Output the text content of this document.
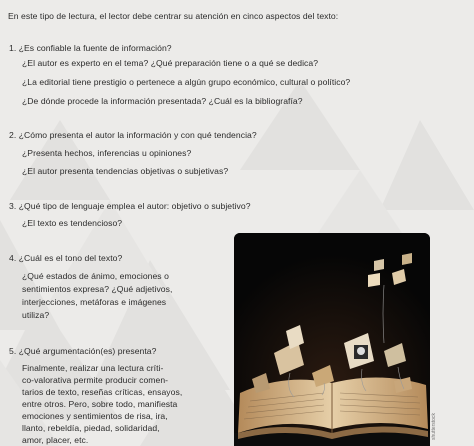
En este tipo de lectura, el lector debe centrar su atención en cinco aspectos del texto:
1. ¿Es confiable la fuente de información?
¿El autor es experto en el tema? ¿Qué preparación tiene o a qué se dedica?
¿La editorial tiene prestigio o pertenece a algún grupo económico, cultural o político?
¿De dónde procede la información presentada? ¿Cuál es la bibliografía?
2. ¿Cómo presenta el autor la información y con qué tendencia?
¿Presenta hechos, inferencias u opiniones?
¿El autor presenta tendencias objetivas o subjetivas?
3. ¿Qué tipo de lenguaje emplea el autor: objetivo o subjetivo?
¿El texto es tendencioso?
4. ¿Cuál es el tono del texto?
¿Qué estados de ánimo, emociones o
sentimientos expresa? ¿Qué adjetivos,
interjecciones, metáforas e imágenes
utiliza?
5. ¿Qué argumentación(es) presenta?
Finalmente, realizar una lectura críti-
co-valorativa permite producir comen-
tarios de texto, reseñas críticas, ensayos,
entre otros. Pero, sobre todo, manifiesta
emociones y sentimientos de risa, ira,
llanto, rebeldía, piedad, solidaridad,
amor, placer, etc.	shutterstock
